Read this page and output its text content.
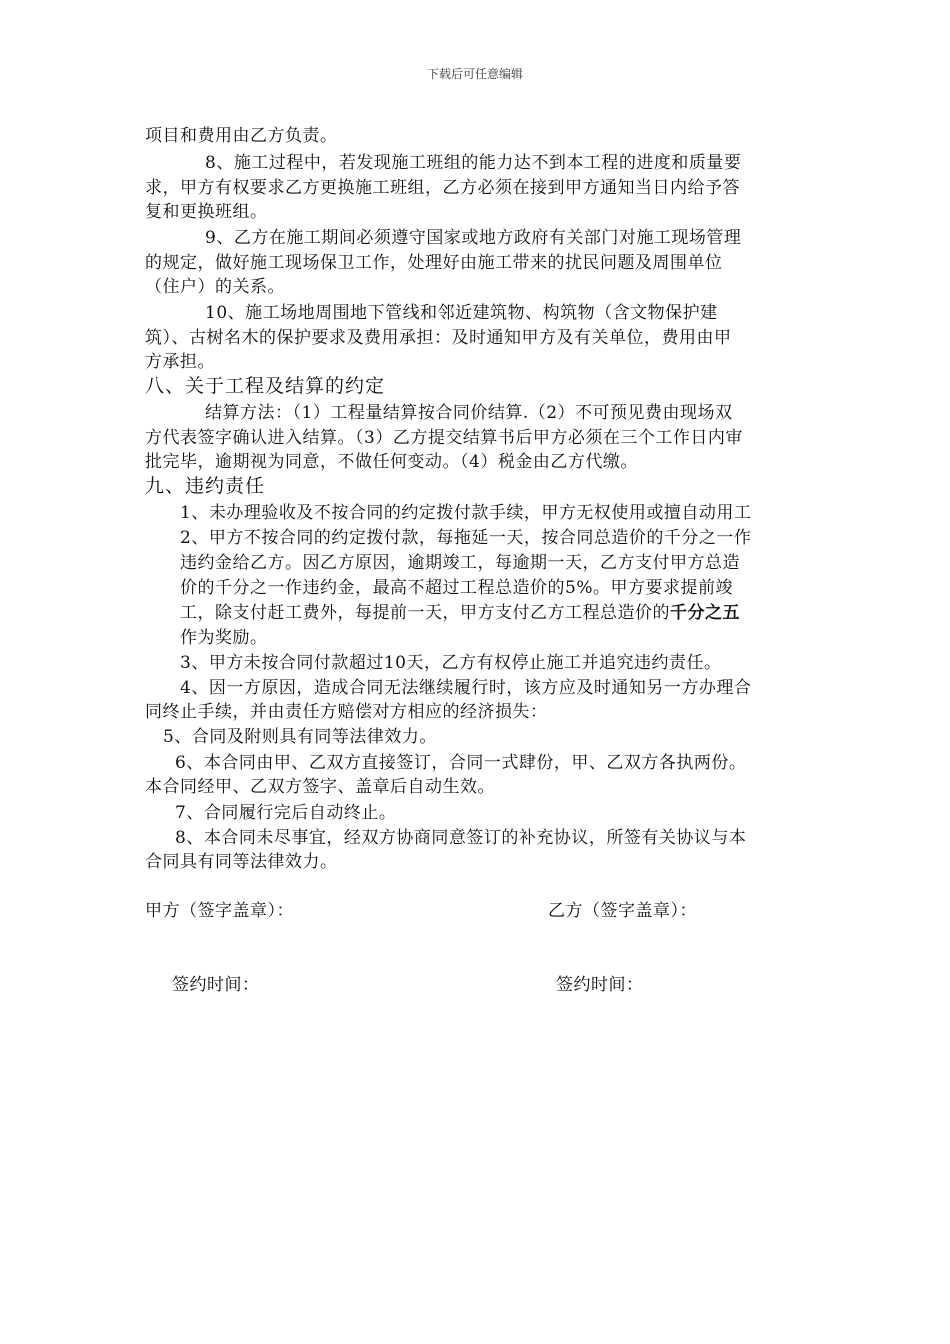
下载后可任意编辑
项目和费用由乙方负责。
8、施工过程中，若发现施工班组的能力达不到本工程的进度和质量要
求，甲方有权要求乙方更换施工班组，乙方必须在接到甲方通知当日内给予答
复和更换班组。
9、乙方在施工期间必须遵守国家或地方政府有关部门对施工现场管理
的规定，做好施工现场保卫工作，处理好由施工带来的扰民问题及周围单位
（住户）的关系。
10、施工场地周围地下管线和邻近建筑物、构筑物（含文物保护建
筑）、古树名木的保护要求及费用承担：及时通知甲方及有关单位，费用由甲
方承担。
八、关于工程及结算的约定
结算方法：（1）工程量结算按合同价结算.（2）不可预见费由现场双
方代表签字确认进入结算。（3）乙方提交结算书后甲方必须在三个工作日内审
批完毕，逾期视为同意，不做任何变动。（4）税金由乙方代缴。
九、违约责任
1、未办理验收及不按合同的约定拨付款手续，甲方无权使用或擅自动用工
2、甲方不按合同的约定拨付款，每拖延一天，按合同总造价的千分之一作
违约金给乙方。因乙方原因，逾期竣工，每逾期一天，乙方支付甲方总造
价的千分之一作违约金，最高不超过工程总造价的5%。甲方要求提前竣
工，除支付赶工费外，每提前一天，甲方支付乙方工程总造价的千分之五
作为奖励。
3、甲方未按合同付款超过10天，乙方有权停止施工并追究违约责任。
4、因一方原因，造成合同无法继续履行时，该方应及时通知另一方办理合
同终止手续，并由责任方赔偿对方相应的经济损失：
5、合同及附则具有同等法律效力。
6、本合同由甲、乙双方直接签订，合同一式肆份，甲、乙双方各执两份。
本合同经甲、乙双方签字、盖章后自动生效。
7、合同履行完后自动终止。
8、本合同未尽事宜，经双方协商同意签订的补充协议，所签有关协议与本
合同具有同等法律效力。
甲方（签字盖章）：	乙方（签字盖章）：
签约时间：	签约时间：
